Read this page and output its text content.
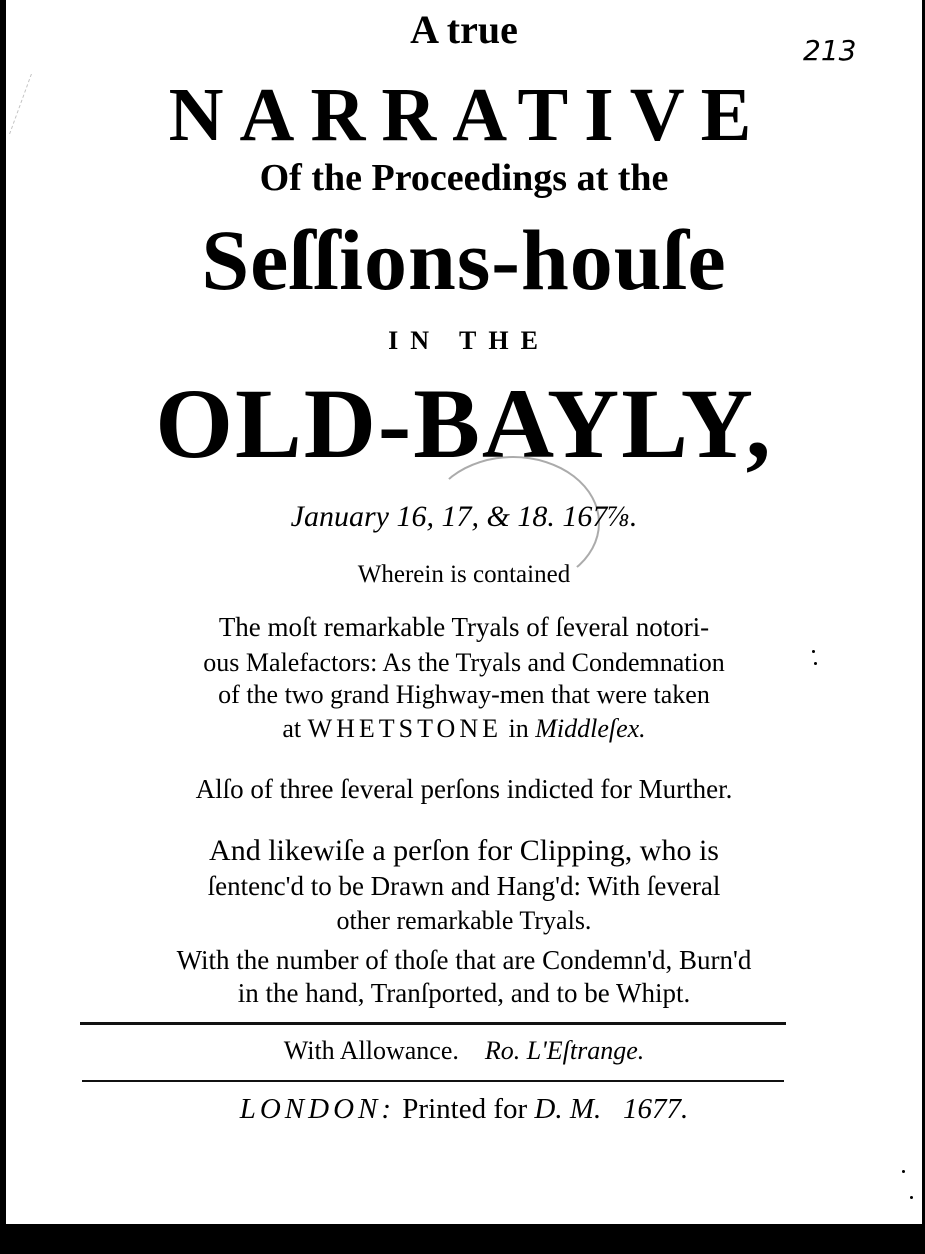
A true
NARRATIVE
Of the Proceedings at the
Seſſions-houſe
IN THE
OLD-BAYLY,
January 16, 17, & 18. 167⅞.
Wherein is contained
The moſt remarkable Tryals of ſeveral notori-
ous Malefactors: As the Tryals and Condemnation
of the two grand Highway-men that were taken
at WHETSTONE in Middleſex.
Alſo of three ſeveral perſons indicted for Murther.
And likewiſe a perſon for Clipping, who is
ſentenc'd to be Drawn and Hang'd: With ſeveral
other remarkable Tryals.
With the number of thoſe that are Condemn'd, Burn'd
in the hand, Tranſported, and to be Whipt.
With Allowance. Ro. L'Eſtrange.
LONDON: Printed for D. M. 1677.
213
